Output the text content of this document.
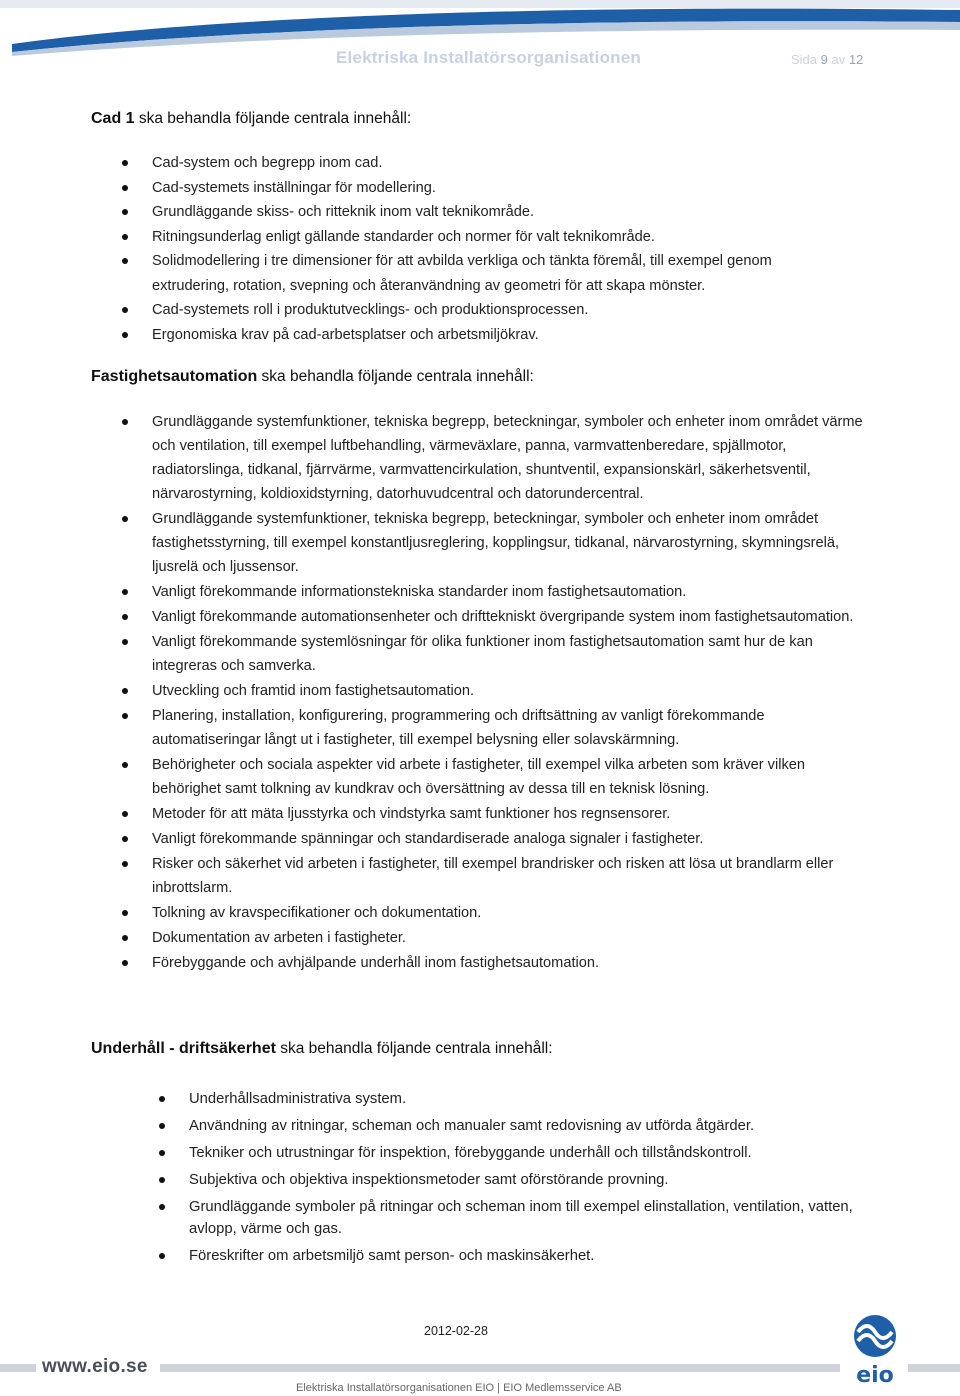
Elektriska Installatörsorganisationen	Sida 9 av 12
Cad 1 ska behandla följande centrala innehåll:
Cad-system och begrepp inom cad.
Cad-systemets inställningar för modellering.
Grundläggande skiss- och ritteknik inom valt teknikområde.
Ritningsunderlag enligt gällande standarder och normer för valt teknikområde.
Solidmodellering i tre dimensioner för att avbilda verkliga och tänkta föremål, till exempel genom extrudering, rotation, svepning och återanvändning av geometri för att skapa mönster.
Cad-systemets roll i produktutvecklings- och produktionsprocessen.
Ergonomiska krav på cad-arbetsplatser och arbetsmiljökrav.
Fastighetsautomation ska behandla följande centrala innehåll:
Grundläggande systemfunktioner, tekniska begrepp, beteckningar, symboler och enheter inom området värme och ventilation, till exempel luftbehandling, värmeväxlare, panna, varmvattenberedare, spjällmotor, radiatorslinga, tidkanal, fjärrvärme, varmvattencirkulation, shuntventil, expansionskärl, säkerhetsventil, närvarostyrning, koldioxidstyrning, datorhuvudcentral och datorundercentral.
Grundläggande systemfunktioner, tekniska begrepp, beteckningar, symboler och enheter inom området fastighetsstyrning, till exempel konstantljusreglering, kopplingsur, tidkanal, närvarostyrning, skymningsrelä, ljusrelä och ljussensor.
Vanligt förekommande informationstekniska standarder inom fastighetsautomation.
Vanligt förekommande automationsenheter och drifttekniskt övergripande system inom fastighetsautomation.
Vanligt förekommande systemlösningar för olika funktioner inom fastighetsautomation samt hur de kan integreras och samverka.
Utveckling och framtid inom fastighetsautomation.
Planering, installation, konfigurering, programmering och driftsättning av vanligt förekommande automatiseringar långt ut i fastigheter, till exempel belysning eller solavskärmning.
Behörigheter och sociala aspekter vid arbete i fastigheter, till exempel vilka arbeten som kräver vilken behörighet samt tolkning av kundkrav och översättning av dessa till en teknisk lösning.
Metoder för att mäta ljusstyrka och vindstyrka samt funktioner hos regnsensorer.
Vanligt förekommande spänningar och standardiserade analoga signaler i fastigheter.
Risker och säkerhet vid arbeten i fastigheter, till exempel brandrisker och risken att lösa ut brandlarm eller inbrottslarm.
Tolkning av kravspecifikationer och dokumentation.
Dokumentation av arbeten i fastigheter.
Förebyggande och avhjälpande underhåll inom fastighetsautomation.
Underhåll - driftsäkerhet ska behandla följande centrala innehåll:
Underhållsadministrativa system.
Användning av ritningar, scheman och manualer samt redovisning av utförda åtgärder.
Tekniker och utrustningar för inspektion, förebyggande underhåll och tillståndskontroll.
Subjektiva och objektiva inspektionsmetoder samt oförstörande provning.
Grundläggande symboler på ritningar och scheman inom till exempel elinstallation, ventilation, vatten, avlopp, värme och gas.
Föreskrifter om arbetsmiljö samt person- och maskinsäkerhet.
2012-02-28
www.eio.se
Elektriska Installatörsorganisationen EIO | EIO Medlemsservice AB	eio
